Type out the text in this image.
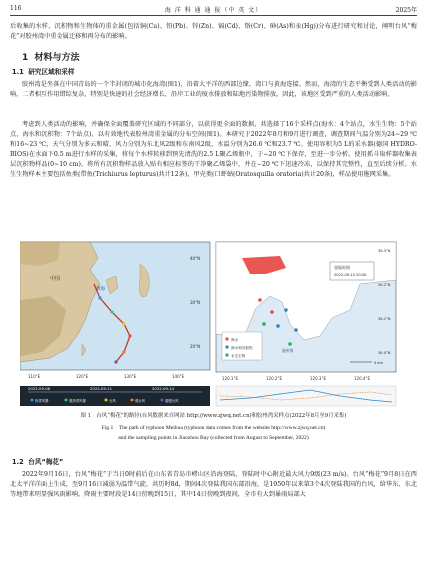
116	海 洋 科 通 通 报（中 英 文）	2025年
后收集的水样、沉积物和生物体的重金属(包括铜(Cu)、铅(Pb)、锌(Zn)、镉(Cd)、铬(Cr)、砷(As)和汞(Hg))分布进行研究和讨论，阐明台风“梅花”对胶州湾中重金属迁移和再分布的影响。
1 材料与方法
1.1 研究区域和采样
胶州湾是坐落在中国青岛的一个半封闭的城市化海湾(图1)，沿着大平洋的西部边缘，湾口与黄海连接。然而，海湾的生态平衡受到人类活动的影响，二者相互作用错综复杂，特别是快速的社会经济增长、沿岸工业的废水排放和陆地污染物排放。因此，该地区受到严重的人类活动影响。
考虑到人类活动的影响，并确保全面覆盖研究区域的不同部分，以获得更全面的数据，共选择了16个采样点(海水：4个站点，水生生物：5个站点，海水和沉积物：7个站点)，以有效地代表胶州湾重金属的分布空间(图1)。本研究于2022年8月和9月进行调查，调查期间气温分别为24~29 ℃和16~23 ℃，天气分别为多云和晴，风力分别为东北风2级和东南风2级，水温分别为26.6 ℃和23.7 ℃。使用容积为5 L的采水器(德国 HYDRO-BIOS)在水面下0.5 m进行水样的采集，将每个水样转移到预先清洗的2.5 L聚乙烯瓶中，于−20 ℃下保存，至进一步分析。使用抓斗取样器收集表层沉积物样品(0~10 cm)，将所有沉积物样品放入贴有相应标签的干净聚乙烯袋中，并在−20 ℃下迅速冷冻，以保持其完整性，直至后续分析。水生生物样本主要包括鱼类(带鱼(Trichiurus lepturus)共计12条)，甲壳类(口虾蛄(Oratosquilla oratoria)共计20条)，样品使用拖网采集。
中国
黄海
110°E	120°E	130°E	140°E
40°N
30°N
20°N
登陆时间
2022-09-14 20:30
海水
海水和沉积物
水生生物
胶州湾
5 km
120.1°E	120.2°E	120.3°E	120.4°E
36.3°N
36.2°N
36.1°N
36.0°N
2022-09-08	2022-09-11	2022-09-14
热带风暴	强热带风暴	台风	强台风	超强台风
图 1　台风“梅花”的路径(台风数据来自网站 http://www.zjwq.net.cn)和胶州湾采样点(2022年8月至9月采集)
Fig.1　The path of typhoon Meihua (typhoon data comes from the website http://www.zjwq.net.cn)
and the sampling points in Jiaozhou Bay (collected from August to September, 2022)
1.2 台风“梅花”
2022年9月16日，台风“梅花”于当日0时前后在山东省青岛市崂山区沿海登陆，登陆时中心附近最大风力9级(23 m/s)。台风“梅花”9月8日在西北太平洋洋面上生成，至9月16日减弱为温带气旋，共历时8d，期间4次登陆我国东部沿海，是1950年以来第3个4次登陆我国的台风，给华东、东北等地带来明显强风雨影响。降雨主要时段是14日傍晚到15日，其中14日傍晚到夜间，全市有大到暴雨局部大
